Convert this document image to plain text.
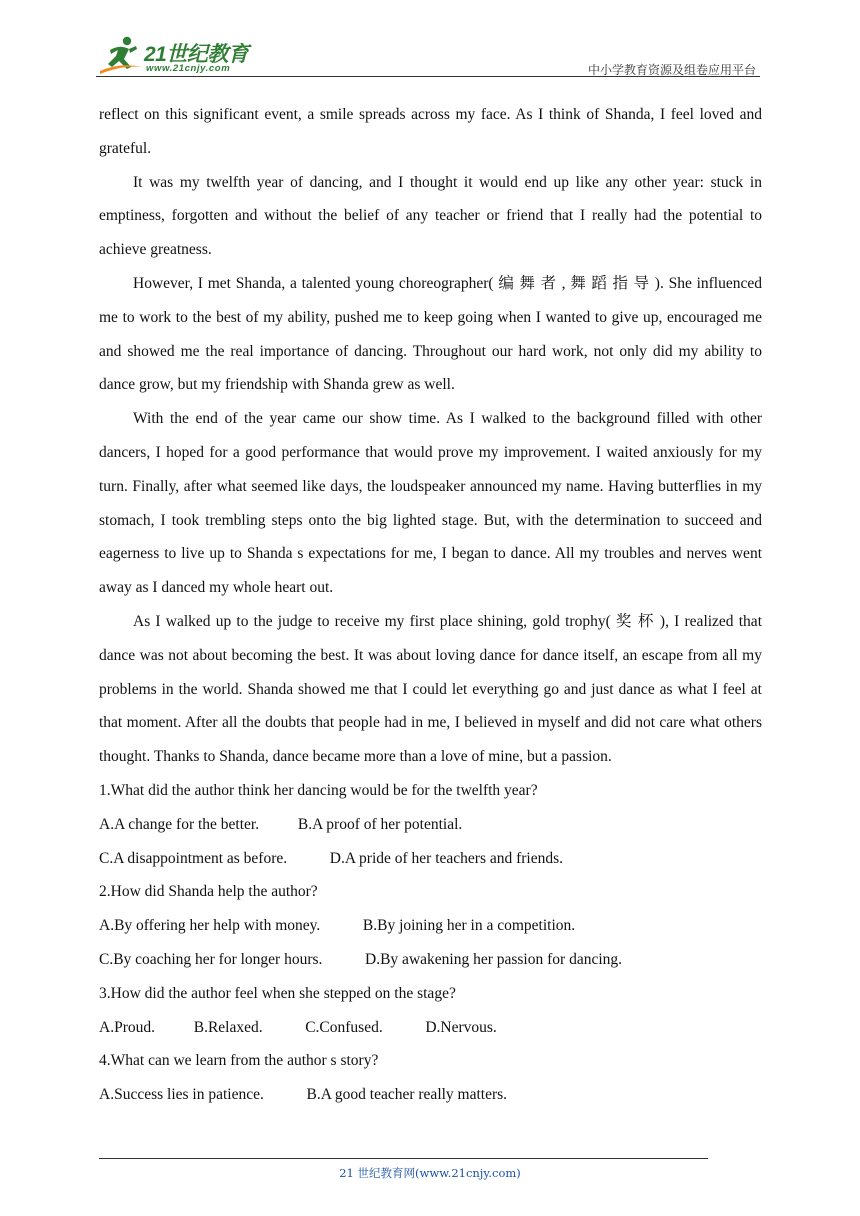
21世纪教育
www.21cnjy.com	中小学教育资源及组卷应用平台

reflect on this significant event, a smile spreads across my face. As I think of Shanda, I feel loved and grateful.

It was my twelfth year of dancing, and I thought it would end up like any other year: stuck in emptiness, forgotten and without the belief of any teacher or friend that I really had the potential to achieve greatness.

However, I met Shanda, a talented young choreographer( 编 舞 者 , 舞 蹈 指 导 ). She influenced me to work to the best of my ability, pushed me to keep going when I wanted to give up, encouraged me and showed me the real importance of dancing. Throughout our hard work, not only did my ability to dance grow, but my friendship with Shanda grew as well.

With the end of the year came our show time. As I walked to the background filled with other dancers, I hoped for a good performance that would prove my improvement. I waited anxiously for my turn. Finally, after what seemed like days, the loudspeaker announced my name. Having butterflies in my stomach, I took trembling steps onto the big lighted stage. But, with the determination to succeed and eagerness to live up to Shanda s expectations for me, I began to dance. All my troubles and nerves went away as I danced my whole heart out.

As I walked up to the judge to receive my first place shining, gold trophy( 奖 杯 ), I realized that dance was not about becoming the best. It was about loving dance for dance itself, an escape from all my problems in the world. Shanda showed me that I could let everything go and just dance as what I feel at that moment. After all the doubts that people had in me, I believed in myself and did not care what others thought. Thanks to Shanda, dance became more than a love of mine, but a passion.

1.What did the author think her dancing would be for the twelfth year?

A.A change for the better.          B.A proof of her potential.

C.A disappointment as before.           D.A pride of her teachers and friends.

2.How did Shanda help the author?

A.By offering her help with money.           B.By joining her in a competition.

C.By coaching her for longer hours.           D.By awakening her passion for dancing.

3.How did the author feel when she stepped on the stage?

A.Proud.          B.Relaxed.           C.Confused.           D.Nervous.

4.What can we learn from the author s story?

A.Success lies in patience.           B.A good teacher really matters.

21 世纪教育网(www.21cnjy.com)
